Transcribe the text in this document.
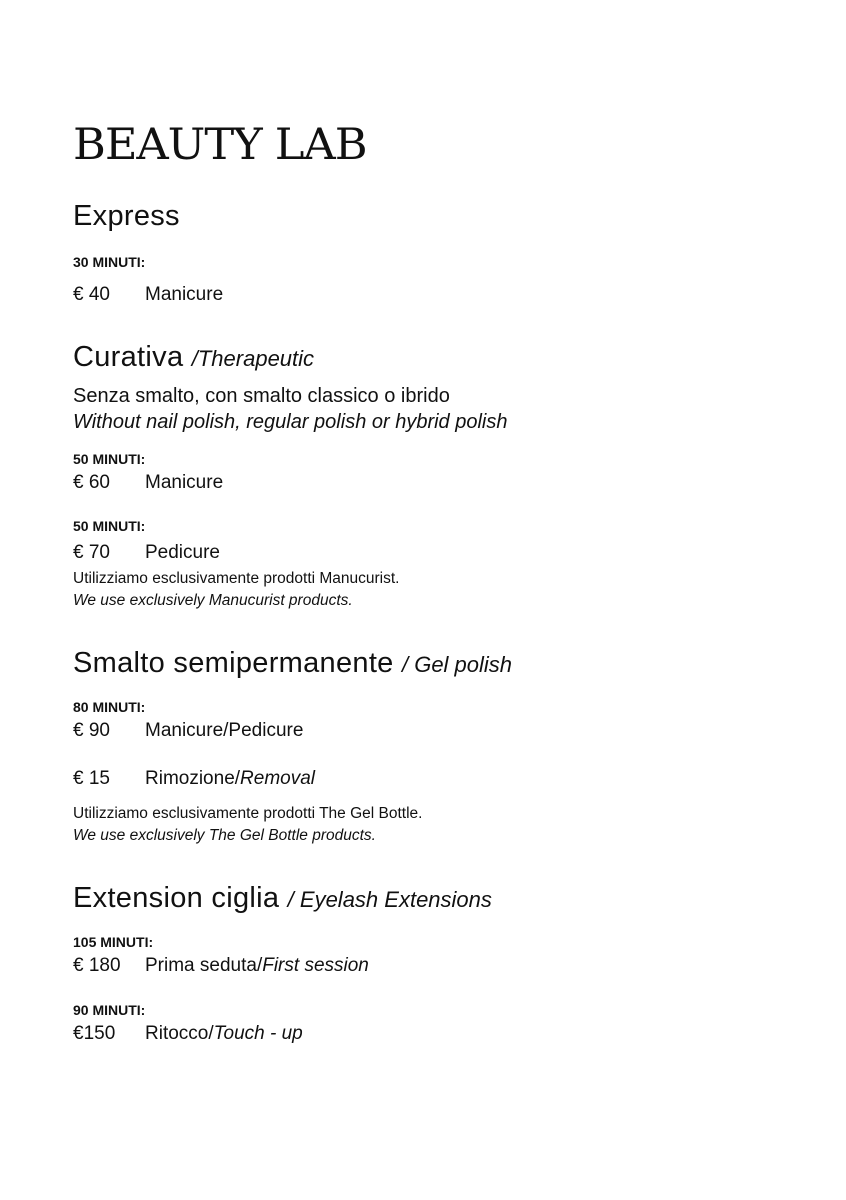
BEAUTY LAB
Express
30 MINUTI:
€ 40 Manicure
Curativa /Therapeutic
Senza smalto, con smalto classico o ibrido
Without nail polish, regular polish or hybrid polish
50 MINUTI:
€ 60 Manicure
50 MINUTI:
€ 70 Pedicure
Utilizziamo esclusivamente prodotti Manucurist.
We use exclusively Manucurist products.
Smalto semipermanente / Gel polish
80 MINUTI:
€ 90 Manicure/Pedicure
€ 15 Rimozione/Removal
Utilizziamo esclusivamente prodotti The Gel Bottle.
We use exclusively The Gel Bottle products.
Extension ciglia / Eyelash Extensions
105 MINUTI:
€ 180 Prima seduta/First session
90 MINUTI:
€150 Ritocco/Touch - up
